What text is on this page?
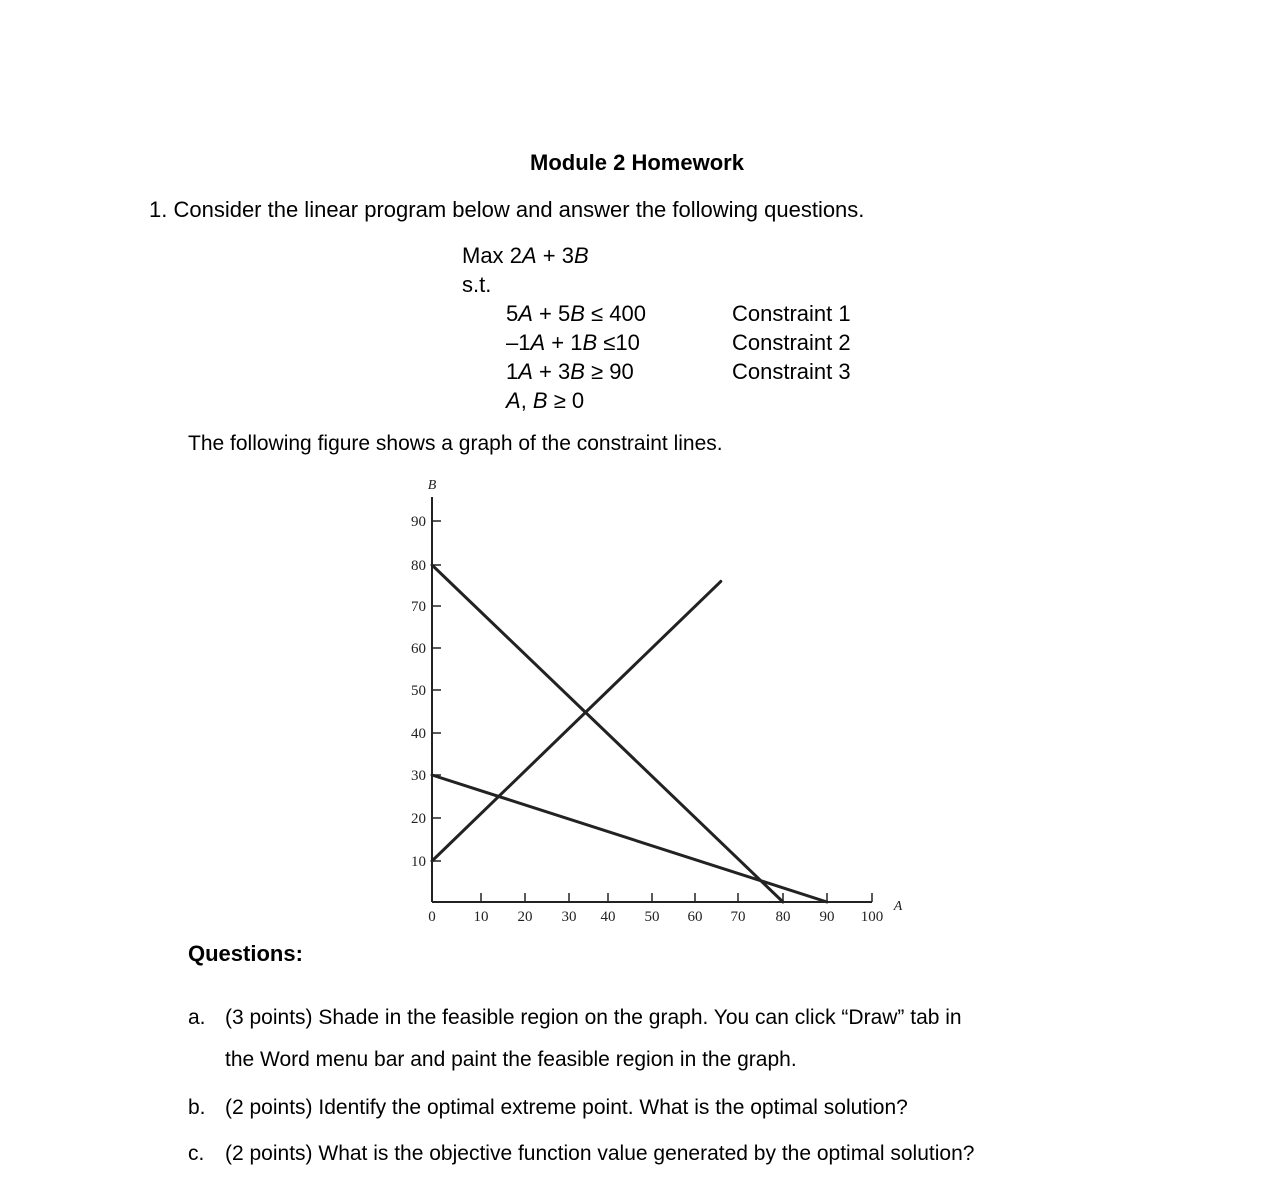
Module 2 Homework
1. Consider the linear program below and answer the following questions.
Max 2A + 3B
s.t.
5A + 5B ≤ 400	Constraint 1
–1A + 1B ≤10	Constraint 2
1A + 3B ≥ 90	Constraint 3
A, B ≥ 0
The following figure shows a graph of the constraint lines.
0	10 20 30 40 50 60 70 80 90 100
10
20
30
40
50
60
70
80
90
B
A
Questions:
a. (3 points) Shade in the feasible region on the graph. You can click “Draw” tab in
the Word menu bar and paint the feasible region in the graph.
b. (2 points) Identify the optimal extreme point. What is the optimal solution?
c. (2 points) What is the objective function value generated by the optimal solution?
